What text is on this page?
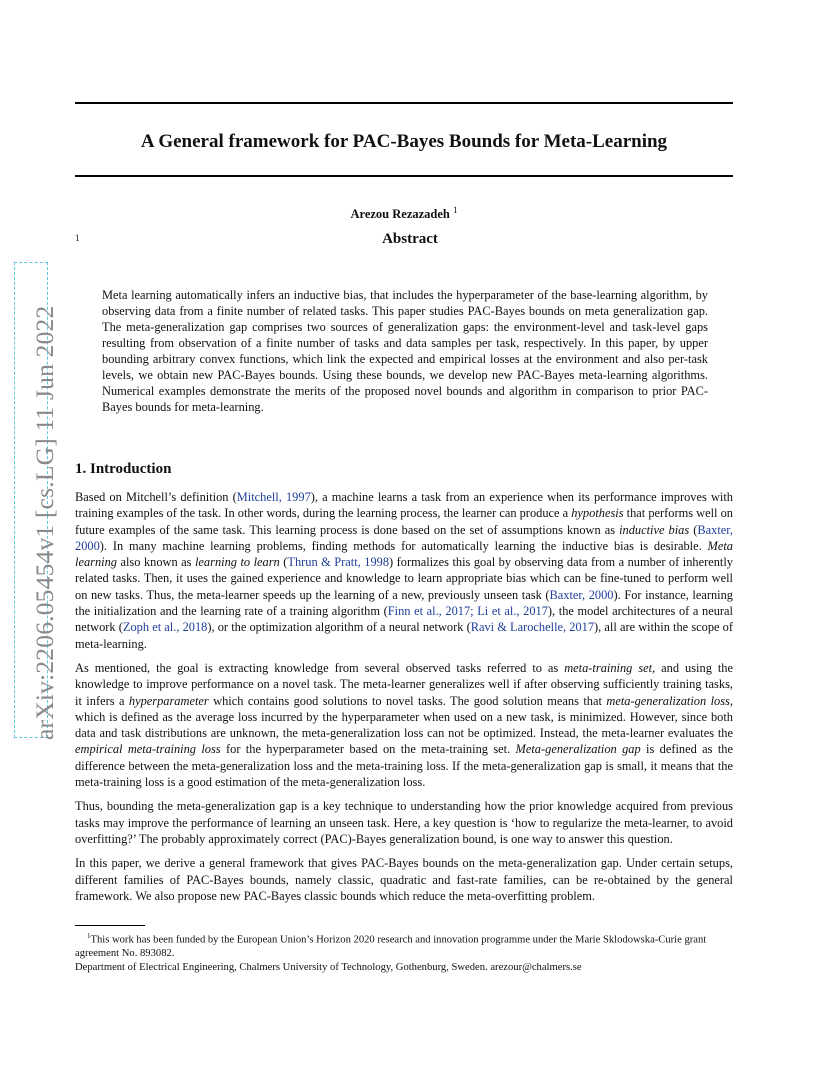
arXiv:2206.05454v1 [cs.LG] 11 Jun 2022
A General framework for PAC-Bayes Bounds for Meta-Learning
Arezou Rezazadeh $^1$
1	Abstract

Meta learning automatically infers an inductive bias, that includes the hyperparameter of the base-learning algorithm, by observing data from a finite number of related tasks. This paper studies PAC-Bayes bounds on meta generalization gap. The meta-generalization gap comprises two sources of generalization gaps: the environment-level and task-level gaps resulting from observation of a finite number of tasks and data samples per task, respectively. In this paper, by upper bounding arbitrary convex functions, which link the expected and empirical losses at the environment and also per-task levels, we obtain new PAC-Bayes bounds. Using these bounds, we develop new PAC-Bayes meta-learning algorithms. Numerical examples demonstrate the merits of the proposed novel bounds and algorithm in comparison to prior PAC-Bayes bounds for meta-learning.

1. Introduction

Based on Mitchell’s definition (Mitchell, 1997), a machine learns a task from an experience when its performance improves with training examples of the task. In other words, during the learning process, the learner can produce a hypothesis that performs well on future examples of the same task. This learning process is done based on the set of assumptions known as inductive bias (Baxter, 2000). In many machine learning problems, finding methods for automatically learning the inductive bias is desirable. Meta learning also known as learning to learn (Thrun & Pratt, 1998) formalizes this goal by observing data from a number of inherently related tasks. Then, it uses the gained experience and knowledge to learn appropriate bias which can be fine-tuned to perform well on new tasks. Thus, the meta-learner speeds up the learning of a new, previously unseen task (Baxter, 2000). For instance, learning the initialization and the learning rate of a training algorithm (Finn et al., 2017; Li et al., 2017), the model architectures of a neural network (Zoph et al., 2018), or the optimization algorithm of a neural network (Ravi & Larochelle, 2017), all are within the scope of meta-learning.

As mentioned, the goal is extracting knowledge from several observed tasks referred to as meta-training set, and using the knowledge to improve performance on a novel task. The meta-learner generalizes well if after observing sufficiently training tasks, it infers a hyperparameter which contains good solutions to novel tasks. The good solution means that meta-generalization loss, which is defined as the average loss incurred by the hyperparameter when used on a new task, is minimized. However, since both data and task distributions are unknown, the meta-generalization loss can not be optimized. Instead, the meta-learner evaluates the empirical meta-training loss for the hyperparameter based on the meta-training set. Meta-generalization gap is defined as the difference between the meta-generalization loss and the meta-training loss. If the meta-generalization gap is small, it means that the meta-training loss is a good estimation of the meta-generalization loss.

Thus, bounding the meta-generalization gap is a key technique to understanding how the prior knowledge acquired from previous tasks may improve the performance of learning an unseen task. Here, a key question is ‘how to regularize the meta-learner, to avoid overfitting?’ The probably approximately correct (PAC)-Bayes generalization bound, is one way to answer this question.

In this paper, we derive a general framework that gives PAC-Bayes bounds on the meta-generalization gap. Under certain setups, different families of PAC-Bayes bounds, namely classic, quadratic and fast-rate families, can be re-obtained by the general framework. We also propose new PAC-Bayes classic bounds which reduce the meta-overfitting problem.

$^1$This work has been funded by the European Union’s Horizon 2020 research and innovation programme under the Marie Sklodowska-Curie grant agreement No. 893082.

Department of Electrical Engineering, Chalmers University of Technology, Gothenburg, Sweden. arezour@chalmers.se
